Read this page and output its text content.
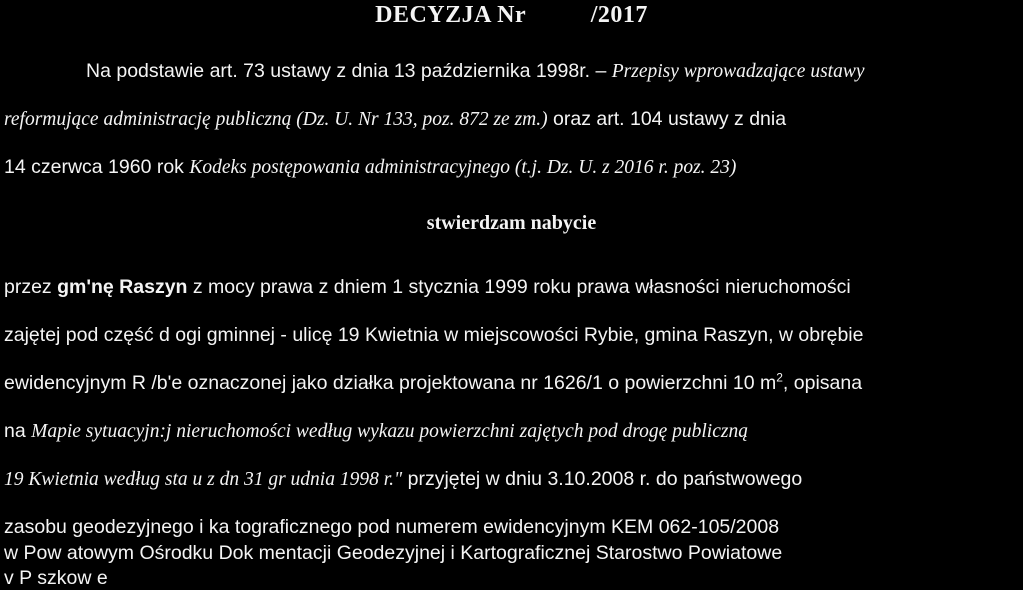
DECYZJA Nr          /2017
Na podstawie art. 73 ustawy z dnia 13 października 1998r. – Przepisy wprowadzające ustawy
reformujące administrację publiczną (Dz. U. Nr 133, poz. 872 ze zm.) oraz art. 104 ustawy z dnia
14 czerwca 1960 rok Kodeks postępowania administracyjnego (t.j. Dz. U. z 2016 r. poz. 23)
stwierdzam nabycie
przez gm'nę Raszyn z mocy prawa z dniem 1 stycznia 1999 roku prawa własności nieruchomości
zajętej pod część d ogi gminnej - ulicę 19 Kwietnia w miejscowości Rybie, gmina Raszyn, w obrębie
ewidencyjnym R /b'e oznaczonej jako działka projektowana nr 1626/1 o powierzchni 10 $m^2$, opisana
na Mapie sytuacyjn:j nieruchomości według wykazu powierzchni zajętych pod drogę publiczną
19 Kwietnia według sta u z dn 31 gr udnia 1998 r." przyjętej w dniu 3.10.2008 r. do państwowego
zasobu geodezyjnego i ka tograficznego pod numerem ewidencyjnym KEM 062-105/2008
w Pow atowym Ośrodku Dok mentacji Geodezyjnej i Kartograficznej Starostwo Powiatowe
v P szkow e
